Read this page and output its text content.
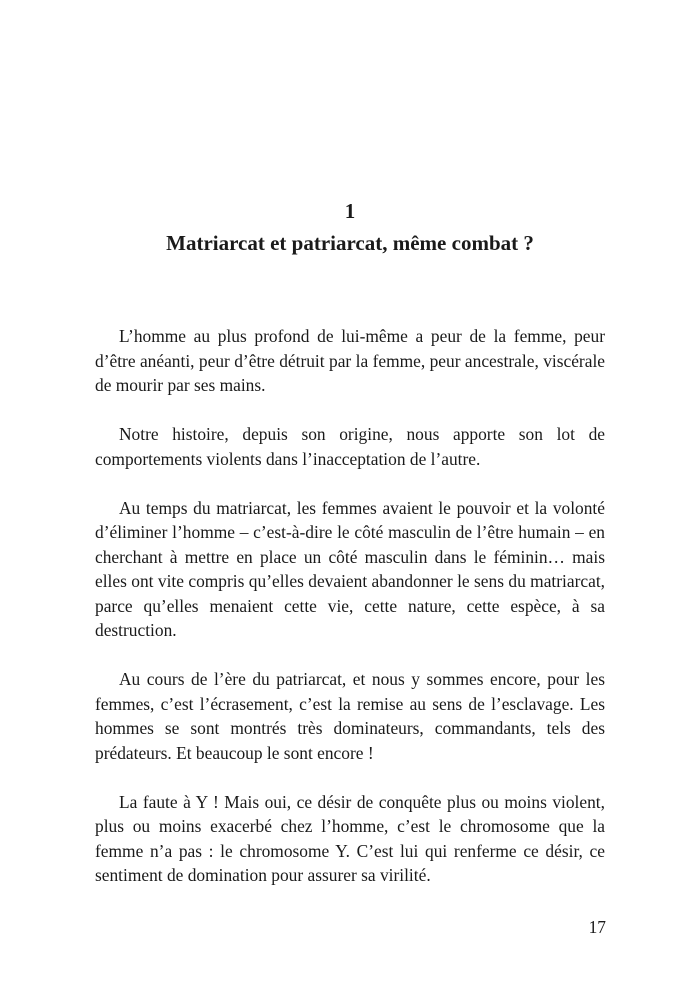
1
Matriarcat et patriarcat, même combat ?

L’homme au plus profond de lui-même a peur de la femme, peur d’être anéanti, peur d’être détruit par la femme, peur ancestrale, viscérale de mourir par ses mains.

Notre histoire, depuis son origine, nous apporte son lot de comportements violents dans l’inacceptation de l’autre.

Au temps du matriarcat, les femmes avaient le pouvoir et la volonté d’éliminer l’homme – c’est-à-dire le côté masculin de l’être humain – en cherchant à mettre en place un côté masculin dans le féminin… mais elles ont vite compris qu’elles devaient abandonner le sens du matriarcat, parce qu’elles menaient cette vie, cette nature, cette espèce, à sa destruction.

Au cours de l’ère du patriarcat, et nous y sommes encore, pour les femmes, c’est l’écrasement, c’est la remise au sens de l’esclavage. Les hommes se sont montrés très dominateurs, commandants, tels des prédateurs. Et beaucoup le sont encore !

La faute à Y ! Mais oui, ce désir de conquête plus ou moins violent, plus ou moins exacerbé chez l’homme, c’est le chromosome que la femme n’a pas : le chromosome Y. C’est lui qui renferme ce désir, ce sentiment de domination pour assurer sa virilité.

17
